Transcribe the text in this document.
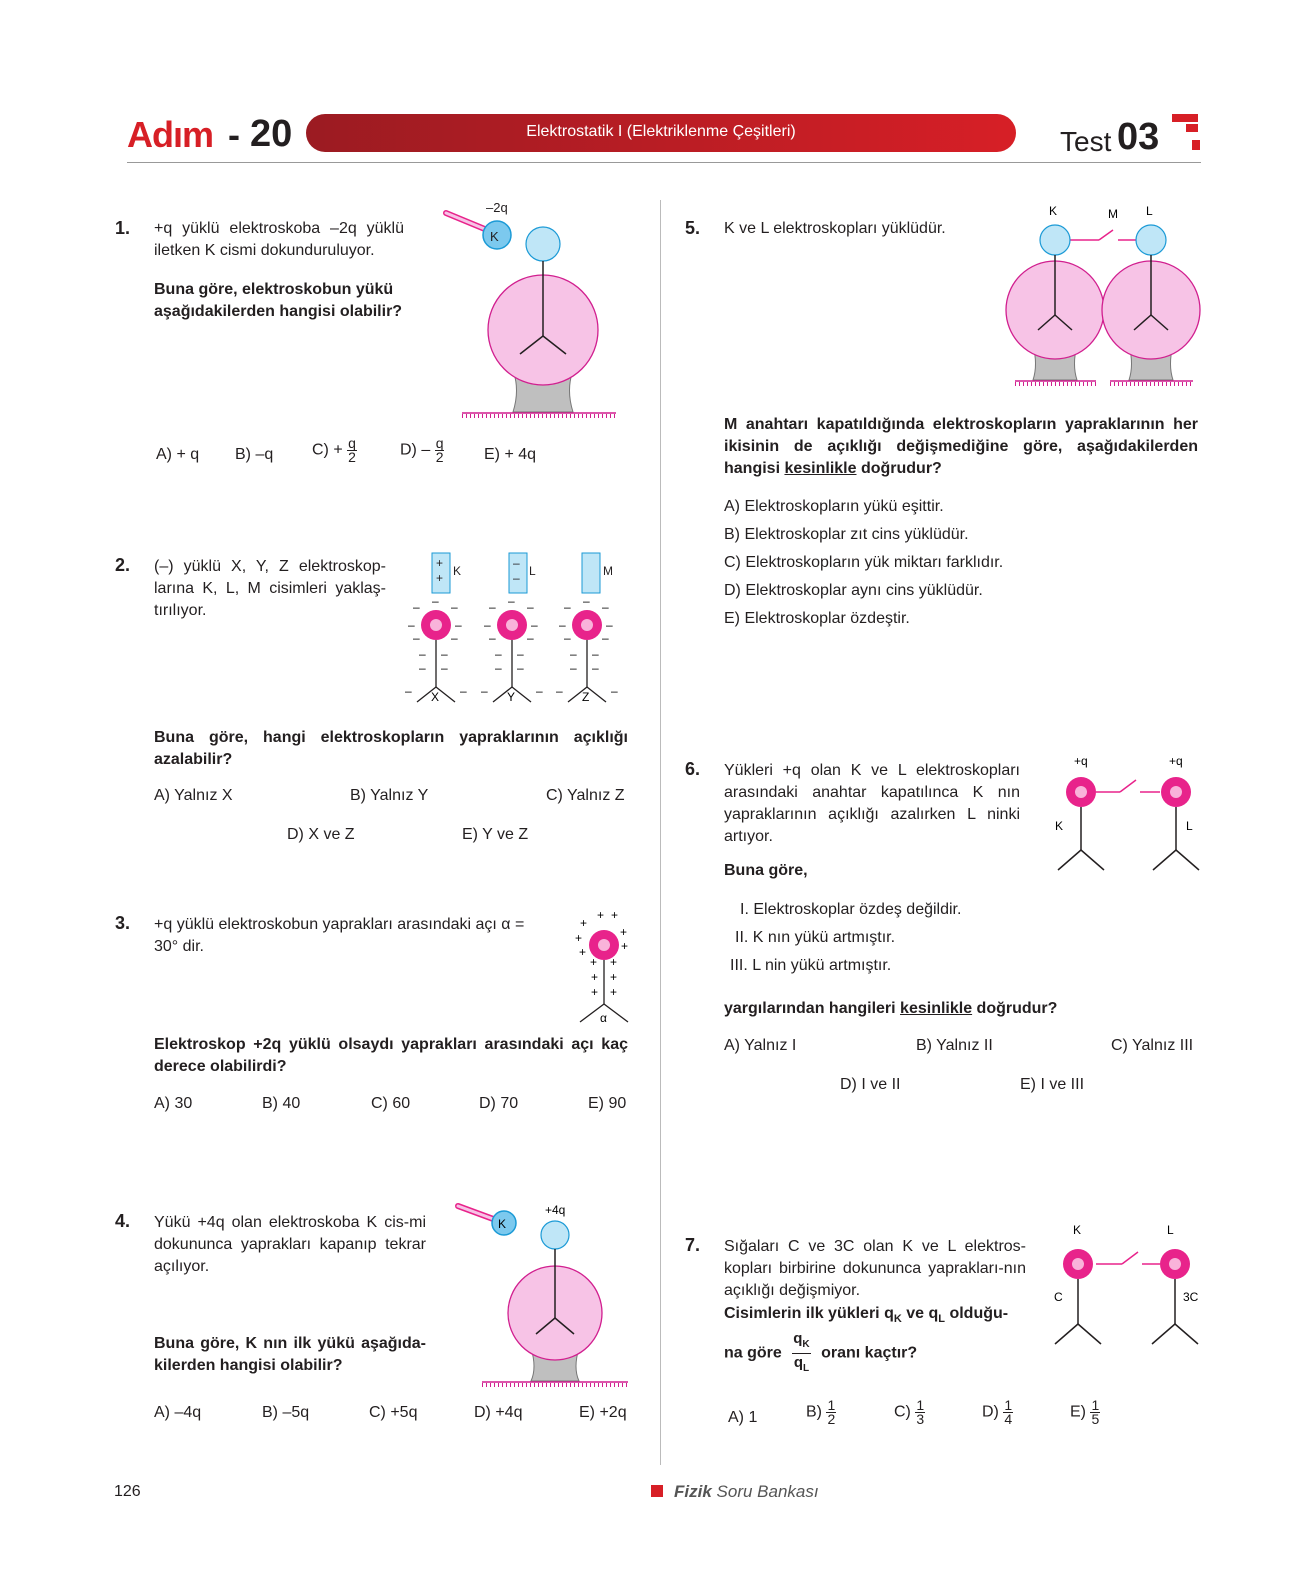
Adım - 20	Elektrostatik I (Elektriklenme Çeşitleri)	Test 03
1. +q yüklü elektroskoba –2q yüklü iletken K cismi dokunduruluyor.
Buna göre, elektroskobun yükü aşağıdakilerden hangisi olabilir?
K
–2q
A) + q B) –q $C) + \frac{q}{2}$	$D) - \frac{q}{2} E) + 4q$
2. (–) yüklü X, Y, Z elektroskop-larına K, L, M cisimleri yaklaş-tırılıyor.
+
+ K
–
– L	M
–
–	–
–	–
–	–
– –
– –
–	–
X
–
–	–
–	–
–	–
– –
– –
–	–
Y
–
–	–
–	–
–	–
– –
– –
–	–
Z
Buna göre, hangi elektroskopların yapraklarının açıklığı azalabilir?
A) Yalnız X	B) Yalnız Y	C) Yalnız Z
D) X ve Z	E) Y ve Z
3. +q yüklü elektroskobun yaprakları arasındaki açı α = 30° dir.
+ +
+
+
+
+
+
+ +
+ +
+ +
α
Elektroskop +2q yüklü olsaydı yaprakları arasındaki açı kaç derece olabilirdi?
A) 30	B) 40	C) 60	D) 70	E) 90
4. Yükü +4q olan elektroskoba K cis-mi dokununca yaprakları kapanıp tekrar açılıyor.
K
+4q
Buna göre, K nın ilk yükü aşağıda-kilerden hangisi olabilir?
A) –4q	B) –5q	C) +5q	D) +4q	E) +2q
5. K ve L elektroskopları yüklüdür.
K	M L
M anahtarı kapatıldığında elektroskopların yapraklarının her ikisinin de açıklığı değişmediğine göre, aşağıdakilerden hangisi kesinlikle doğrudur?
A) Elektroskopların yükü eşittir.
B) Elektroskoplar zıt cins yüklüdür.
C) Elektroskopların yük miktarı farklıdır.
D) Elektroskoplar aynı cins yüklüdür.
E) Elektroskoplar özdeştir.
6. Yükleri +q olan K ve L elektroskopları arasındaki anahtar kapatılınca K nın yapraklarının açıklığı azalırken L ninki artıyor.
+q	+q
K	L
Buna göre,
I. Elektroskoplar özdeş değildir.
II. K nın yükü artmıştır.
III. L nin yükü artmıştır.
yargılarından hangileri kesinlikle doğrudur?
A) Yalnız I	B) Yalnız II	C) Yalnız III
D) I ve II	E) I ve III
7. Sığaları C ve 3C olan K ve L elektros-kopları birbirine dokununca yaprakları-nın açıklığı değişmiyor.
K	L
C	3C
Cisimlerin ilk yükleri $q_K$ ve $q_L$ olduğu-
na göre $\frac{q_K}{q_L}$ oranı kaçtır?
A) 1	$B) \frac{1}{2}$	$C) \frac{1}{3}$	$D) \frac{1}{4}$	$E) \frac{1}{5}$
126	Fizik Soru Bankası
